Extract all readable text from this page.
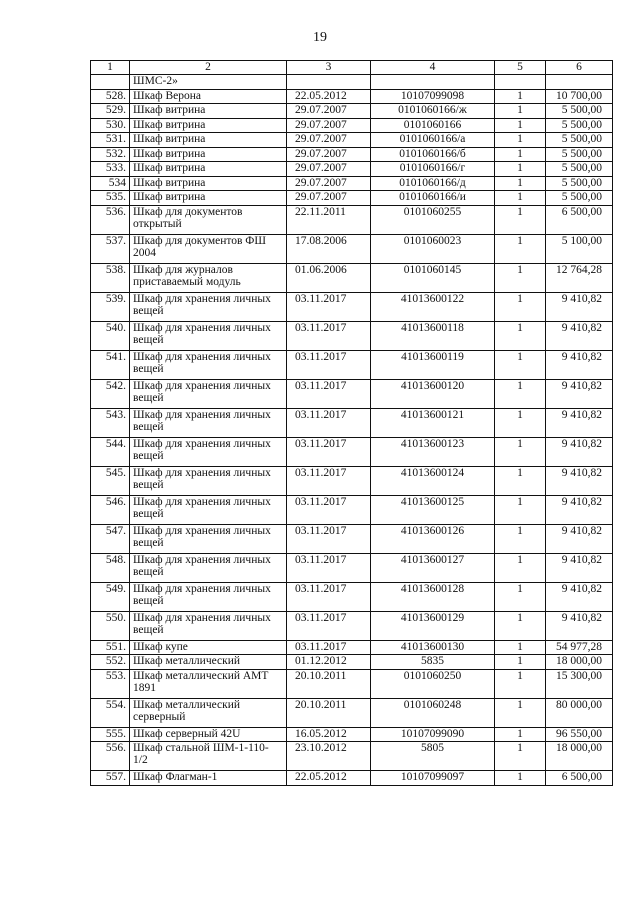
19
1	2	3	4	5	6
	ШМС-2»				
528.	Шкаф Верона	22.05.2012	10107099098	1	10 700,00
529.	Шкаф витрина	29.07.2007	0101060166/ж	1	5 500,00
530.	Шкаф витрина	29.07.2007	0101060166	1	5 500,00
531.	Шкаф витрина	29.07.2007	0101060166/а	1	5 500,00
532.	Шкаф витрина	29.07.2007	0101060166/б	1	5 500,00
533.	Шкаф витрина	29.07.2007	0101060166/г	1	5 500,00
534	Шкаф витрина	29.07.2007	0101060166/д	1	5 500,00
535.	Шкаф витрина	29.07.2007	0101060166/и	1	5 500,00
536.	Шкаф для документов открытый	22.11.2011	0101060255	1	6 500,00
537.	Шкаф для документов ФШ 2004	17.08.2006	0101060023	1	5 100,00
538.	Шкаф для журналов приставаемый модуль	01.06.2006	0101060145	1	12 764,28
539.	Шкаф для хранения личных вещей	03.11.2017	41013600122	1	9 410,82
540.	Шкаф для хранения личных вещей	03.11.2017	41013600118	1	9 410,82
541.	Шкаф для хранения личных вещей	03.11.2017	41013600119	1	9 410,82
542.	Шкаф для хранения личных вещей	03.11.2017	41013600120	1	9 410,82
543.	Шкаф для хранения личных вещей	03.11.2017	41013600121	1	9 410,82
544.	Шкаф для хранения личных вещей	03.11.2017	41013600123	1	9 410,82
545.	Шкаф для хранения личных вещей	03.11.2017	41013600124	1	9 410,82
546.	Шкаф для хранения личных вещей	03.11.2017	41013600125	1	9 410,82
547.	Шкаф для хранения личных вещей	03.11.2017	41013600126	1	9 410,82
548.	Шкаф для хранения личных вещей	03.11.2017	41013600127	1	9 410,82
549.	Шкаф для хранения личных вещей	03.11.2017	41013600128	1	9 410,82
550.	Шкаф для хранения личных вещей	03.11.2017	41013600129	1	9 410,82
551.	Шкаф купе	03.11.2017	41013600130	1	54 977,28
552.	Шкаф металлический	01.12.2012	5835	1	18 000,00
553.	Шкаф металлический АМТ 1891	20.10.2011	0101060250	1	15 300,00
554.	Шкаф металлический серверный	20.10.2011	0101060248	1	80 000,00
555.	Шкаф серверный 42U	16.05.2012	10107099090	1	96 550,00
556.	Шкаф стальной ШМ-1-110-1/2	23.10.2012	5805	1	18 000,00
557.	Шкаф Флагман-1	22.05.2012	10107099097	1	6 500,00
